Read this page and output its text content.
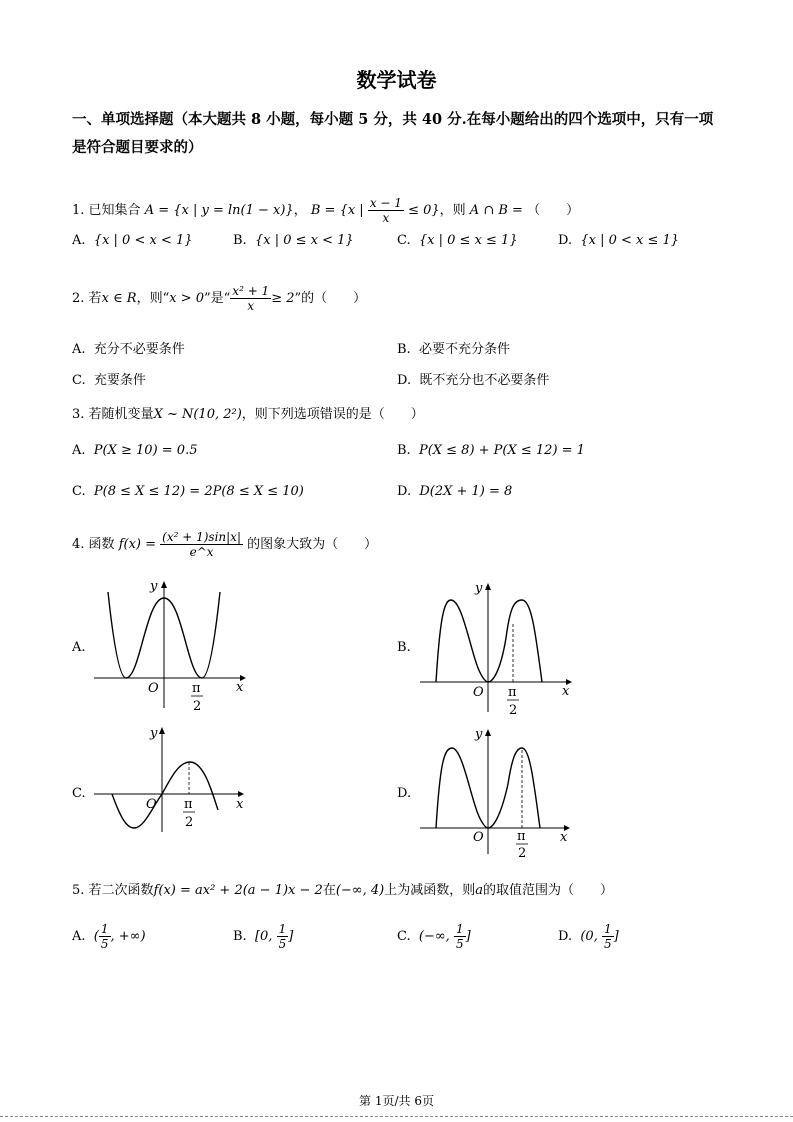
数学试卷
一、单项选择题（本大题共 8 小题，每小题 5 分，共 40 分.在每小题给出的四个选项中，只有一项是符合题目要求的）
1. 已知集合 A = {x | y = ln(1 − x)}， B = {x | $\frac{x - 1}{x} \le 0$}，则 A ∩ B = （　　）
A. {x | 0 < x < 1}	B. {x | 0 ≤ x < 1}	C. {x | 0 ≤ x ≤ 1}	D. {x | 0 < x ≤ 1}
2. 若x ∈ R，则“x > 0”是“ $\frac{\text{x² + 1}}{x} \ge 2$”的（　　）
A. 充分不必要条件	B. 必要不充分条件
C. 充要条件	D. 既不充分也不必要条件
3. 若随机变量X ~ N(10, 2²)，则下列选项错误的是（　　）
A. P(X ≥ 10) = 0.5	B. P(X ≤ 8) + P(X ≤ 12) = 1
C. P(8 ≤ X ≤ 12) = 2P(8 ≤ X ≤ 10)	D. D(2X + 1) = 8
4. 函数 $f(x) = \frac{\text{(x² + 1)sin|x|}}{e\^{}x}$ 的图象大致为（　　）
A.	B.
C.	D.
y
x
O	π
2
y
x
O π
2
y
x
O π
2
y
x
O	π
2
5. 若二次函数f(x) = ax² + 2(a − 1)x − 2在(−∞, 4)上为减函数，则a的取值范围为（　　）
A. ( $\frac{1}{5}$ , +∞)	B. [0, $\frac{1}{5}$ ]	C. (−∞, $\frac{1}{5}$ ]	D. (0, $\frac{1}{5}$ ]
第 1页/共 6页
